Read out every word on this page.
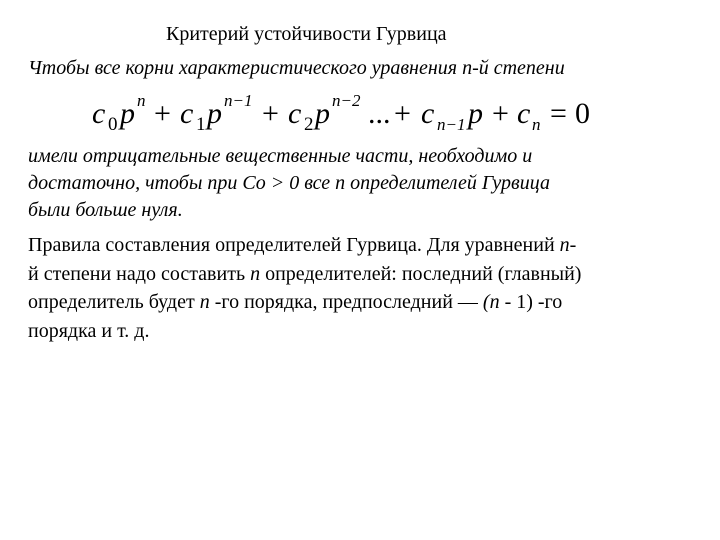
Критерий устойчивости Гурвица
Чтобы все корни характеристического уравнения n-й степени
c 0 p n + c 1 p n−1 + c 2 p n−2 ... + c n−1 p + c n = 0
имели отрицательные вещественные части, необходимо и
достаточно, чтобы при Co > 0 все n определителей Гурвица
были больше нуля.
Правила составления определителей Гурвица. Для уравнений n-
й степени надо составить n определителей: последний (главный)
определитель будет n -го порядка, предпоследний — (n - 1) -го
порядка и т. д.
